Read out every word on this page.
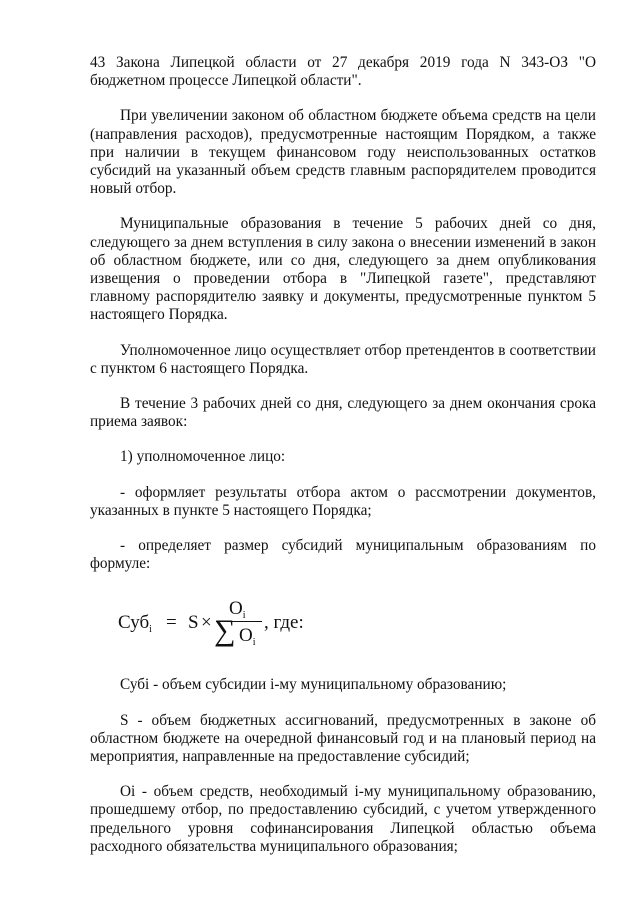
43 Закона Липецкой области от 27 декабря 2019 года N 343-ОЗ "О бюджетном процессе Липецкой области".

При увеличении законом об областном бюджете объема средств на цели (направления расходов), предусмотренные настоящим Порядком, а также при наличии в текущем финансовом году неиспользованных остатков субсидий на указанный объем средств главным распорядителем проводится новый отбор.

Муниципальные образования в течение 5 рабочих дней со дня, следующего за днем вступления в силу закона о внесении изменений в закон об областном бюджете, или со дня, следующего за днем опубликования извещения о проведении отбора в "Липецкой газете", представляют главному распорядителю заявку и документы, предусмотренные пунктом 5 настоящего Порядка.

Уполномоченное лицо осуществляет отбор претендентов в соответствии с пунктом 6 настоящего Порядка.

В течение 3 рабочих дней со дня, следующего за днем окончания срока приема заявок:

1) уполномоченное лицо:

- оформляет результаты отбора актом о рассмотрении документов, указанных в пункте 5 настоящего Порядка;

- определяет размер субсидий муниципальным образованиям по формуле:

Суб$_i$ = S ×
$О_i$
∑ $О_i$
, где:

Субi - объем субсидии i-му муниципальному образованию;

S - объем бюджетных ассигнований, предусмотренных в законе об областном бюджете на очередной финансовый год и на плановый период на мероприятия, направленные на предоставление субсидий;

Оi - объем средств, необходимый i-му муниципальному образованию, прошедшему отбор, по предоставлению субсидий, с учетом утвержденного предельного уровня софинансирования Липецкой областью объема расходного обязательства муниципального образования;
